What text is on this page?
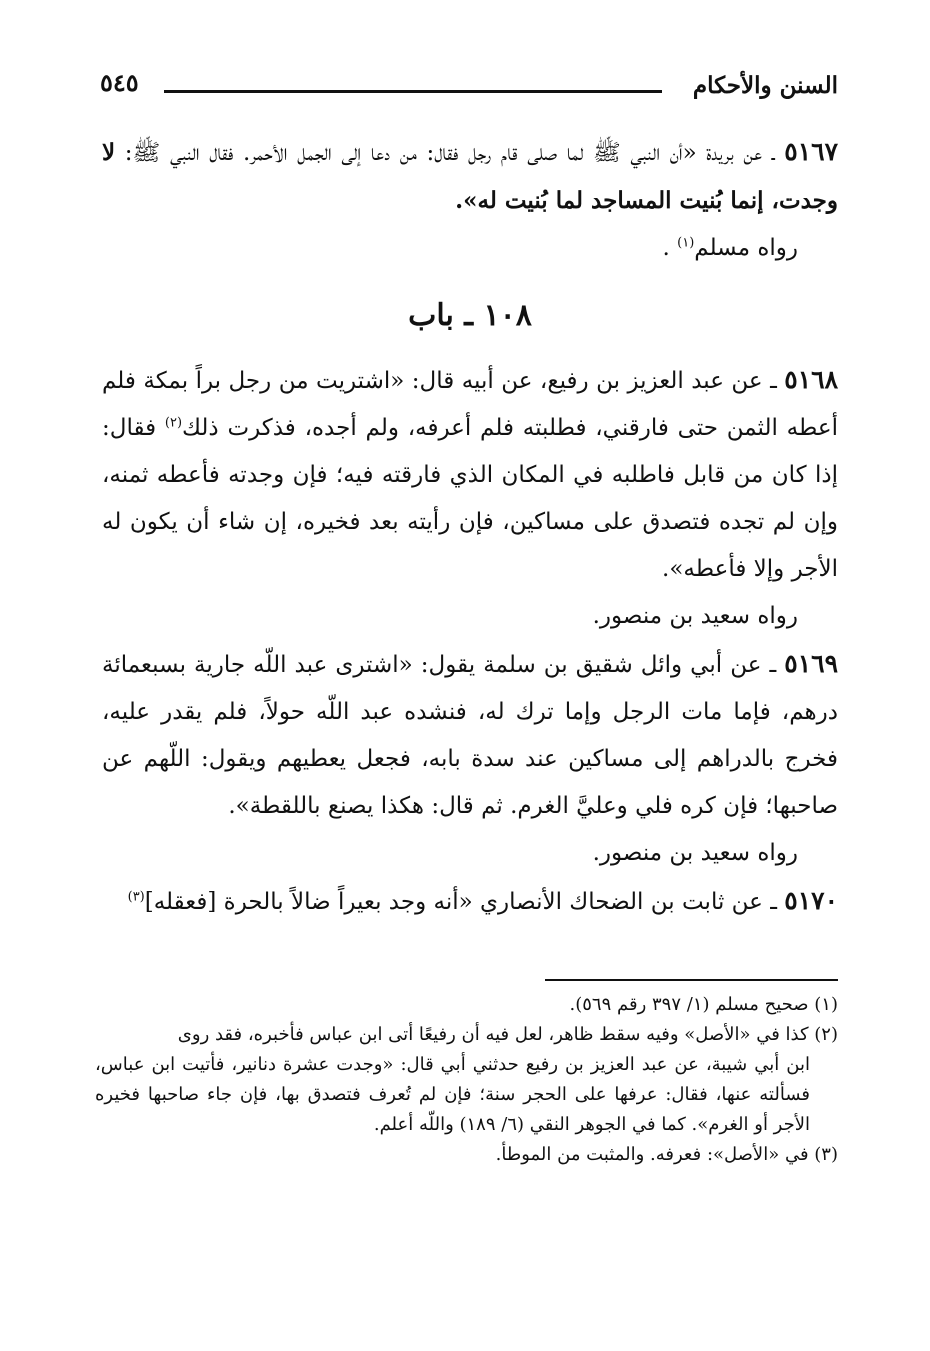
السنن والأحكام
٥٤٥

٥١٦٧ ـ عن بريدة «أن النبي ﷺ لما صلى قام رجل فقال: من دعا إلى الجمل الأحمر. فقال النبي ﷺ: لا وجدت، إنما بُنيت المساجد لما بُنيت له».

رواه مسلم$^{(١)}$ .

١٠٨ ـ باب

٥١٦٨ ـ عن عبد العزيز بن رفيع، عن أبيه قال: «اشتريت من رجل براً بمكة فلم أعطه الثمن حتى فارقني، فطلبته فلم أعرفه، ولم أجده، فذكرت ذلك$^{(٢)}$ فقال: إذا كان من قابل فاطلبه في المكان الذي فارقته فيه؛ فإن وجدته فأعطه ثمنه، وإن لم تجده فتصدق على مساكين، فإن رأيته بعد فخيره، إن شاء أن يكون له الأجر وإلا فأعطه».

رواه سعيد بن منصور.

٥١٦٩ ـ عن أبي وائل شقيق بن سلمة يقول: «اشترى عبد اللّه جارية بسبعمائة درهم، فإما مات الرجل وإما ترك له، فنشده عبد اللّه حولاً، فلم يقدر عليه، فخرج بالدراهم إلى مساكين عند سدة بابه، فجعل يعطيهم ويقول: اللّهم عن صاحبها؛ فإن كره فلي وعليَّ الغرم. ثم قال: هكذا يصنع باللقطة».

رواه سعيد بن منصور.

٥١٧٠ ـ عن ثابت بن الضحاك الأنصاري «أنه وجد بعيراً ضالاً بالحرة [فعقله]$^{(٣)}$

(١) صحيح مسلم (١/ ٣٩٧ رقم ٥٦٩).

(٢) كذا في «الأصل» وفيه سقط ظاهر، لعل فيه أن رفيعًا أتى ابن عباس فأخبره، فقد روى

ابن أبي شيبة، عن عبد العزيز بن رفيع حدثني أبي قال: «وجدت عشرة دنانير، فأتيت ابن عباس، فسألته عنها، فقال: عرفها على الحجر سنة؛ فإن لم تُعرف فتصدق بها، فإن جاء صاحبها فخيره الأجر أو الغرم». كما في الجوهر النقي (٦/ ١٨٩) واللّه أعلم.

(٣) في «الأصل»: فعرفه. والمثبت من الموطأ.
